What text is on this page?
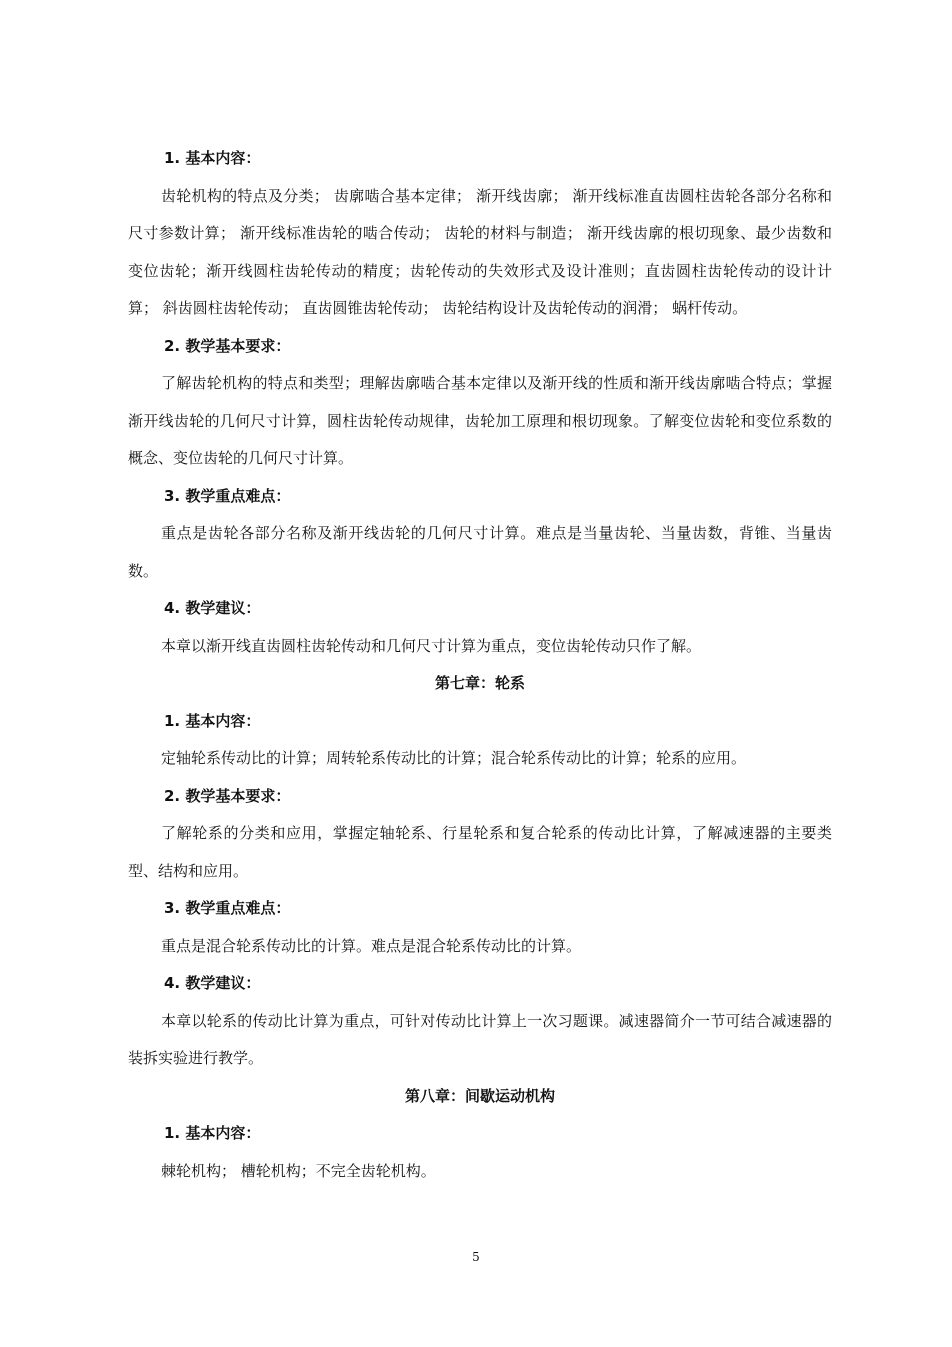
1. 基本内容：

齿轮机构的特点及分类； 齿廓啮合基本定律； 渐开线齿廓； 渐开线标准直齿圆柱齿轮各部分名称和尺寸参数计算； 渐开线标准齿轮的啮合传动； 齿轮的材料与制造； 渐开线齿廓的根切现象、最少齿数和变位齿轮；渐开线圆柱齿轮传动的精度；齿轮传动的失效形式及设计准则；直齿圆柱齿轮传动的设计计算； 斜齿圆柱齿轮传动； 直齿圆锥齿轮传动； 齿轮结构设计及齿轮传动的润滑； 蜗杆传动。

2. 教学基本要求：

了解齿轮机构的特点和类型；理解齿廓啮合基本定律以及渐开线的性质和渐开线齿廓啮合特点；掌握渐开线齿轮的几何尺寸计算，圆柱齿轮传动规律，齿轮加工原理和根切现象。了解变位齿轮和变位系数的概念、变位齿轮的几何尺寸计算。

3. 教学重点难点：

重点是齿轮各部分名称及渐开线齿轮的几何尺寸计算。难点是当量齿轮、当量齿数，背锥、当量齿数。

4. 教学建议：

本章以渐开线直齿圆柱齿轮传动和几何尺寸计算为重点，变位齿轮传动只作了解。

第七章：轮系
1. 基本内容：

定轴轮系传动比的计算；周转轮系传动比的计算；混合轮系传动比的计算；轮系的应用。

2. 教学基本要求：

了解轮系的分类和应用，掌握定轴轮系、行星轮系和复合轮系的传动比计算，了解减速器的主要类型、结构和应用。

3. 教学重点难点：

重点是混合轮系传动比的计算。难点是混合轮系传动比的计算。

4. 教学建议：

本章以轮系的传动比计算为重点，可针对传动比计算上一次习题课。减速器简介一节可结合减速器的装拆实验进行教学。

第八章：间歇运动机构
1. 基本内容：

棘轮机构； 槽轮机构；不完全齿轮机构。

5
